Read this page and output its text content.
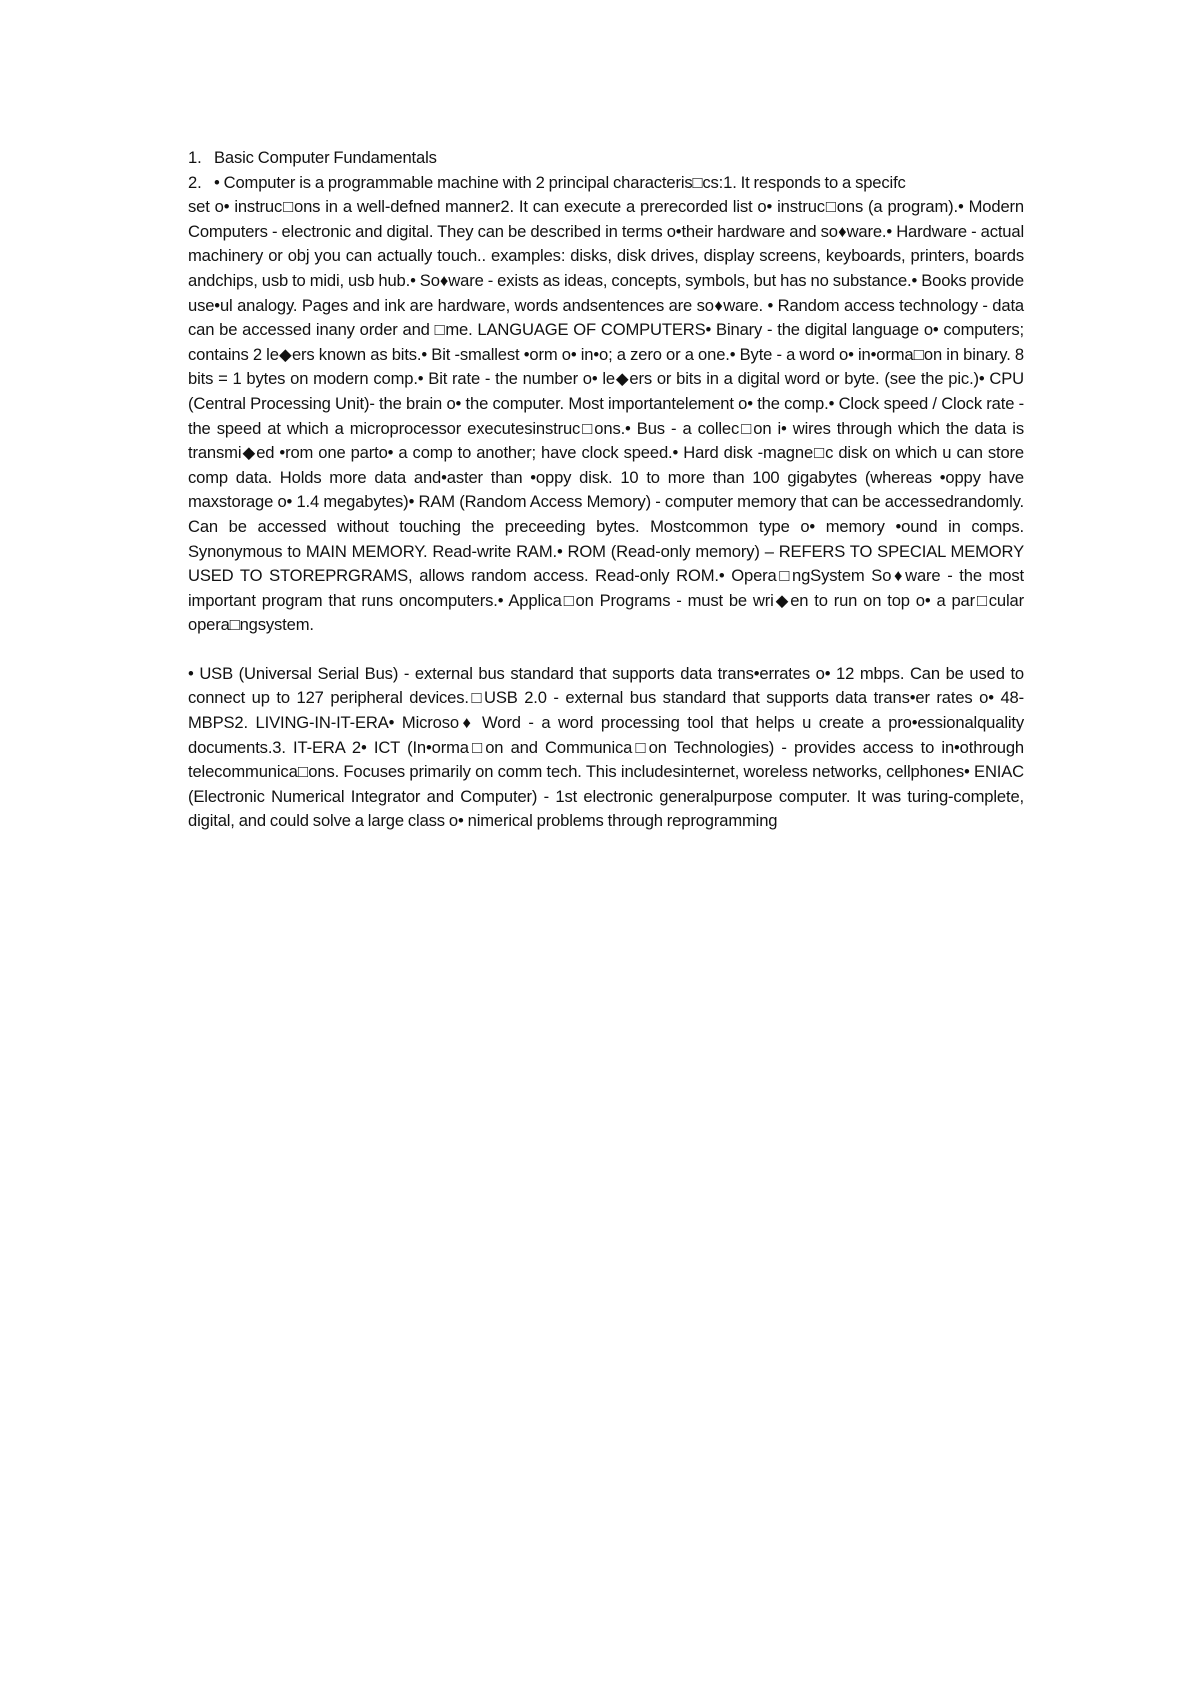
1. Basic Computer Fundamentals
2. • Computer is a programmable machine with 2 principal characteris□cs:1. It responds to a specifc

set o• instruc□ons in a well-defned manner2. It can execute a prerecorded list o• instruc□ons (a program).• Modern Computers - electronic and digital. They can be described in terms o•their hardware and so♦ware.• Hardware - actual machinery or obj you can actually touch.. examples: disks, disk drives, display screens, keyboards, printers, boards andchips, usb to midi, usb hub.• So♦ware - exists as ideas, concepts, symbols, but has no substance.• Books provide use•ul analogy. Pages and ink are hardware, words andsentences are so♦ware. • Random access technology - data can be accessed inany order and □me. LANGUAGE OF COMPUTERS• Binary - the digital language o• computers; contains 2 le◆ers known as bits.• Bit -smallest •orm o• in•o; a zero or a one.• Byte - a word o• in•orma□on in binary. 8 bits = 1 bytes on modern comp.• Bit rate - the number o• le◆ers or bits in a digital word or byte. (see the pic.)• CPU (Central Processing Unit)- the brain o• the computer. Most importantelement o• the comp.• Clock speed / Clock rate - the speed at which a microprocessor executesinstruc□ons.• Bus - a collec□on i• wires through which the data is transmi◆ed •rom one parto• a comp to another; have clock speed.• Hard disk -magne□c disk on which u can store comp data. Holds more data and•aster than •oppy disk. 10 to more than 100 gigabytes (whereas •oppy have maxstorage o• 1.4 megabytes)• RAM (Random Access Memory) - computer memory that can be accessedrandomly. Can be accessed without touching the preceeding bytes. Mostcommon type o• memory •ound in comps. Synonymous to MAIN MEMORY. Read-write RAM.• ROM (Read-only memory) – REFERS TO SPECIAL MEMORY USED TO STOREPRGRAMS, allows random access. Read-only ROM.• Opera□ngSystem So♦ware - the most important program that runs oncomputers.• Applica□on Programs - must be wri◆en to run on top o• a par□cular opera□ngsystem.

• USB (Universal Serial Bus) - external bus standard that supports data trans•errates o• 12 mbps. Can be used to connect up to 127 peripheral devices.□USB 2.0 - external bus standard that supports data trans•er rates o• 48-MBPS2. LIVING-IN-IT-ERA• Microso♦ Word - a word processing tool that helps u create a pro•essionalquality documents.3. IT-ERA 2• ICT (In•orma□on and Communica□on Technologies) - provides access to in•othrough telecommunica□ons. Focuses primarily on comm tech. This includesinternet, woreless networks, cellphones• ENIAC (Electronic Numerical Integrator and Computer) - 1st electronic generalpurpose computer. It was turing-complete, digital, and could solve a large class o• nimerical problems through reprogramming
